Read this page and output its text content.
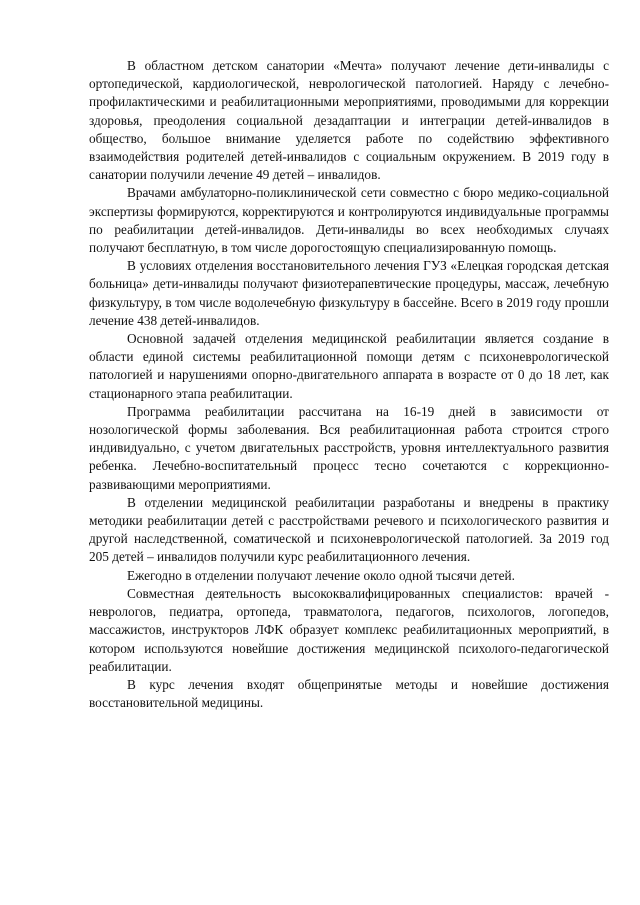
В областном детском санатории «Мечта» получают лечение дети-инвалиды с ортопедической, кардиологической, неврологической патологией. Наряду с лечебно-профилактическими и реабилитационными мероприятиями, проводимыми для коррекции здоровья, преодоления социальной дезадаптации и интеграции детей-инвалидов в общество, большое внимание уделяется работе по содействию эффективного взаимодействия родителей детей-инвалидов с социальным окружением. В 2019 году в санатории получили лечение 49 детей – инвалидов.

Врачами амбулаторно-поликлинической сети совместно с бюро медико-социальной экспертизы формируются, корректируются и контролируются индивидуальные программы по реабилитации детей-инвалидов. Дети-инвалиды во всех необходимых случаях получают бесплатную, в том числе дорогостоящую специализированную помощь.

В условиях отделения восстановительного лечения ГУЗ «Елецкая городская детская больница» дети-инвалиды получают физиотерапевтические процедуры, массаж, лечебную физкультуру, в том числе водолечебную физкультуру в бассейне. Всего в 2019 году прошли лечение 438 детей-инвалидов.

Основной задачей отделения медицинской реабилитации является создание в области единой системы реабилитационной помощи детям с психоневрологической патологией и нарушениями опорно-двигательного аппарата в возрасте от 0 до 18 лет, как стационарного этапа реабилитации.

Программа реабилитации рассчитана на 16-19 дней в зависимости от нозологической формы заболевания. Вся реабилитационная работа строится строго индивидуально, с учетом двигательных расстройств, уровня интеллектуального развития ребенка. Лечебно-воспитательный процесс тесно сочетаются с коррекционно-развивающими мероприятиями.

В отделении медицинской реабилитации разработаны и внедрены в практику методики реабилитации детей с расстройствами речевого и психологического развития и другой наследственной, соматической и психоневрологической патологией. За 2019 год 205 детей – инвалидов получили курс реабилитационного лечения.

Ежегодно в отделении получают лечение около одной тысячи детей.

Совместная деятельность высококвалифицированных специалистов: врачей - неврологов, педиатра, ортопеда, травматолога, педагогов, психологов, логопедов, массажистов, инструкторов ЛФК образует комплекс реабилитационных мероприятий, в котором используются новейшие достижения медицинской психолого-педагогической реабилитации.

В курс лечения входят общепринятые методы и новейшие достижения восстановительной медицины.
